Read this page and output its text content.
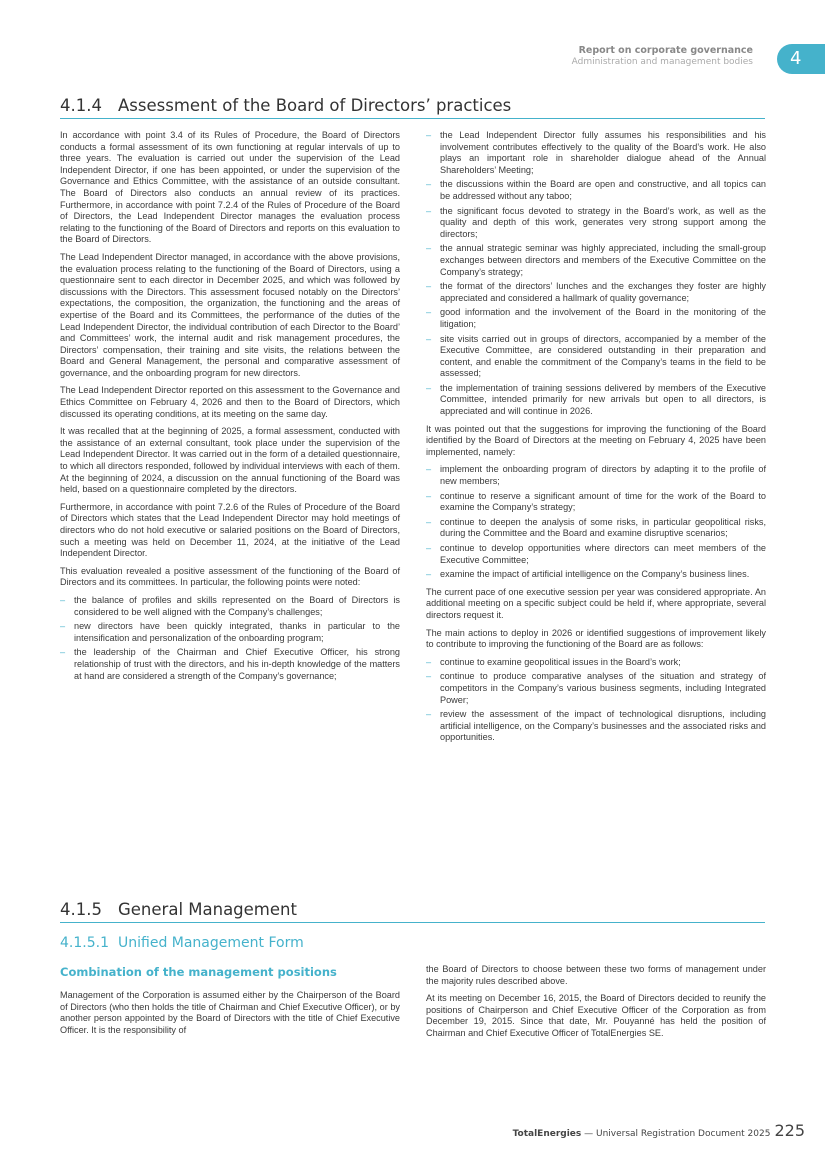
Report on corporate governance
Administration and management bodies	4
4.1.4 Assessment of the Board of Directors’ practices

In accordance with point 3.4 of its Rules of Procedure, the Board of Directors conducts a formal assessment of its own functioning at regular intervals of up to three years. The evaluation is carried out under the supervision of the Lead Independent Director, if one has been appointed, or under the supervision of the Governance and Ethics Committee, with the assistance of an outside consultant. The Board of Directors also conducts an annual review of its practices. Furthermore, in accordance with point 7.2.4 of the Rules of Procedure of the Board of Directors, the Lead Independent Director manages the evaluation process relating to the functioning of the Board of Directors and reports on this evaluation to the Board of Directors.

The Lead Independent Director managed, in accordance with the above provisions, the evaluation process relating to the functioning of the Board of Directors, using a questionnaire sent to each director in December 2025, and which was followed by discussions with the Directors. This assessment focused notably on the Directors’ expectations, the composition, the organization, the functioning and the areas of expertise of the Board and its Committees, the performance of the duties of the Lead Independent Director, the individual contribution of each Director to the Board’ and Committees’ work, the internal audit and risk management procedures, the Directors’ compensation, their training and site visits, the relations between the Board and General Management, the personal and comparative assessment of governance, and the onboarding program for new directors.

The Lead Independent Director reported on this assessment to the Governance and Ethics Committee on February 4, 2026 and then to the Board of Directors, which discussed its operating conditions, at its meeting on the same day.

It was recalled that at the beginning of 2025, a formal assessment, conducted with the assistance of an external consultant, took place under the supervision of the Lead Independent Director. It was carried out in the form of a detailed questionnaire, to which all directors responded, followed by individual interviews with each of them. At the beginning of 2024, a discussion on the annual functioning of the Board was held, based on a questionnaire completed by the directors.

Furthermore, in accordance with point 7.2.6 of the Rules of Procedure of the Board of Directors which states that the Lead Independent Director may hold meetings of directors who do not hold executive or salaried positions on the Board of Directors, such a meeting was held on December 11, 2024, at the initiative of the Lead Independent Director.

This evaluation revealed a positive assessment of the functioning of the Board of Directors and its committees. In particular, the following points were noted:

– the balance of profiles and skills represented on the Board of Directors is considered to be well aligned with the Company’s challenges;
– new directors have been quickly integrated, thanks in particular to the intensification and personalization of the onboarding program;
– the leadership of the Chairman and Chief Executive Officer, his strong relationship of trust with the directors, and his in-depth knowledge of the matters at hand are considered a strength of the Company’s governance;
– the Lead Independent Director fully assumes his responsibilities and his involvement contributes effectively to the quality of the Board’s work. He also plays an important role in shareholder dialogue ahead of the Annual Shareholders’ Meeting;
– the discussions within the Board are open and constructive, and all topics can be addressed without any taboo;
– the significant focus devoted to strategy in the Board’s work, as well as the quality and depth of this work, generates very strong support among the directors;
– the annual strategic seminar was highly appreciated, including the small-group exchanges between directors and members of the Executive Committee on the Company’s strategy;
– the format of the directors’ lunches and the exchanges they foster are highly appreciated and considered a hallmark of quality governance;
– good information and the involvement of the Board in the monitoring of the litigation;
– site visits carried out in groups of directors, accompanied by a member of the Executive Committee, are considered outstanding in their preparation and content, and enable the commitment of the Company’s teams in the field to be assessed;
– the implementation of training sessions delivered by members of the Executive Committee, intended primarily for new arrivals but open to all directors, is appreciated and will continue in 2026.

It was pointed out that the suggestions for improving the functioning of the Board identified by the Board of Directors at the meeting on February 4, 2025 have been implemented, namely:

– implement the onboarding program of directors by adapting it to the profile of new members;
– continue to reserve a significant amount of time for the work of the Board to examine the Company’s strategy;
– continue to deepen the analysis of some risks, in particular geopolitical risks, during the Committee and the Board and examine disruptive scenarios;
– continue to develop opportunities where directors can meet members of the Executive Committee;
– examine the impact of artificial intelligence on the Company’s business lines.

The current pace of one executive session per year was considered appropriate. An additional meeting on a specific subject could be held if, where appropriate, several directors request it.

The main actions to deploy in 2026 or identified suggestions of improvement likely to contribute to improving the functioning of the Board are as follows:

– continue to examine geopolitical issues in the Board’s work;
– continue to produce comparative analyses of the situation and strategy of competitors in the Company’s various business segments, including Integrated Power;
– review the assessment of the impact of technological disruptions, including artificial intelligence, on the Company’s businesses and the associated risks and opportunities.
4.1.5 General Management
4.1.5.1 Unified Management Form
Combination of the management positions

Management of the Corporation is assumed either by the Chairperson of the Board of Directors (who then holds the title of Chairman and Chief Executive Officer), or by another person appointed by the Board of Directors with the title of Chief Executive Officer. It is the responsibility of

the Board of Directors to choose between these two forms of management under the majority rules described above.

At its meeting on December 16, 2015, the Board of Directors decided to reunify the positions of Chairperson and Chief Executive Officer of the Corporation as from December 19, 2015. Since that date, Mr. Pouyanné has held the position of Chairman and Chief Executive Officer of TotalEnergies SE.

TotalEnergies — Universal Registration Document 2025 225
